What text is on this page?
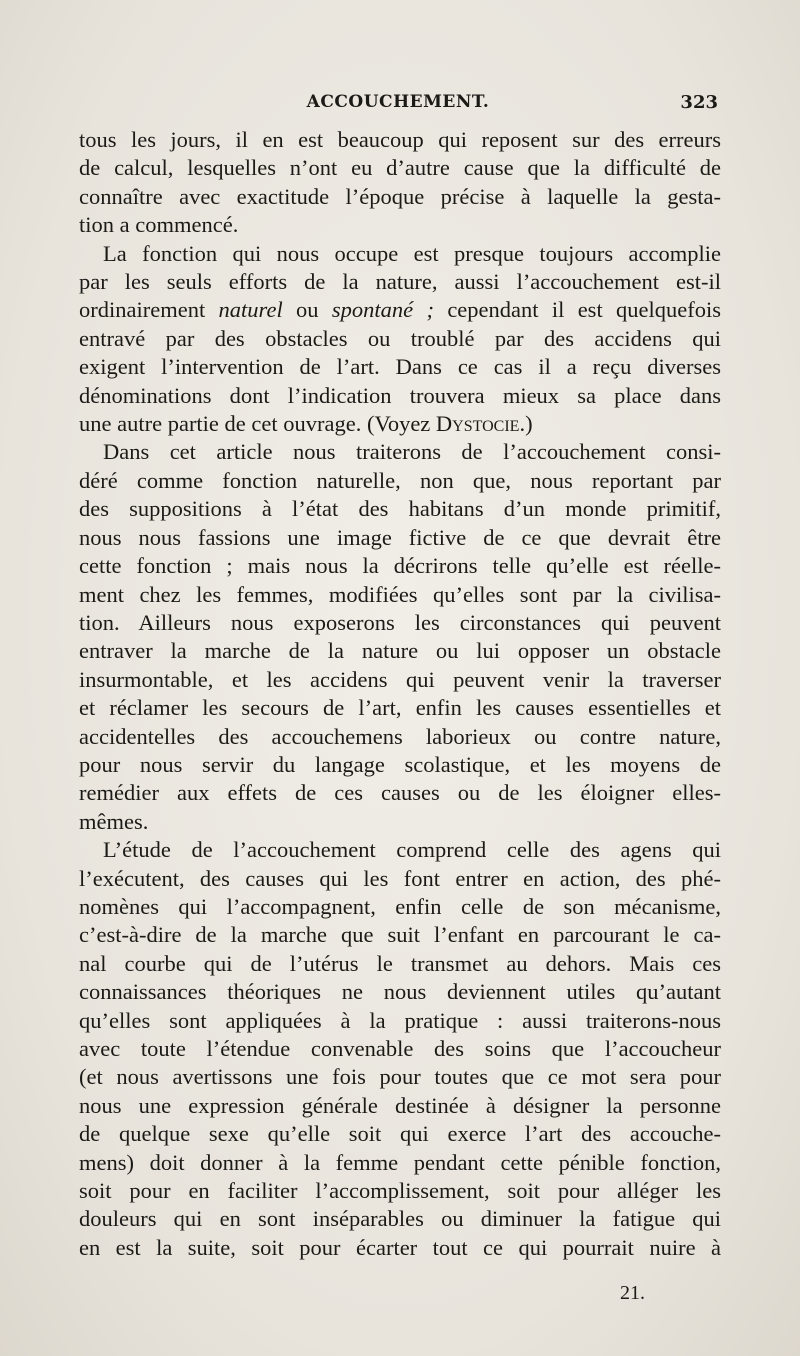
ACCOUCHEMENT.	323

tous les jours, il en est beaucoup qui reposent sur des erreurs
de calcul, lesquelles n’ont eu d’autre cause que la difficulté de
connaître avec exactitude l’époque précise à laquelle la gesta-
tion a commencé.

La fonction qui nous occupe est presque toujours accomplie
par les seuls efforts de la nature, aussi l’accouchement est-il
ordinairement naturel ou spontané ; cependant il est quelquefois
entravé par des obstacles ou troublé par des accidens qui
exigent l’intervention de l’art. Dans ce cas il a reçu diverses
dénominations dont l’indication trouvera mieux sa place dans
une autre partie de cet ouvrage. (Voyez Dystocie.)

Dans cet article nous traiterons de l’accouchement consi-
déré comme fonction naturelle, non que, nous reportant par
des suppositions à l’état des habitans d’un monde primitif,
nous nous fassions une image fictive de ce que devrait être
cette fonction ; mais nous la décrirons telle qu’elle est réelle-
ment chez les femmes, modifiées qu’elles sont par la civilisa-
tion. Ailleurs nous exposerons les circonstances qui peuvent
entraver la marche de la nature ou lui opposer un obstacle
insurmontable, et les accidens qui peuvent venir la traverser
et réclamer les secours de l’art, enfin les causes essentielles et
accidentelles des accouchemens laborieux ou contre nature,
pour nous servir du langage scolastique, et les moyens de
remédier aux effets de ces causes ou de les éloigner elles-
mêmes.

L’étude de l’accouchement comprend celle des agens qui
l’exécutent, des causes qui les font entrer en action, des phé-
nomènes qui l’accompagnent, enfin celle de son mécanisme,
c’est-à-dire de la marche que suit l’enfant en parcourant le ca-
nal courbe qui de l’utérus le transmet au dehors. Mais ces
connaissances théoriques ne nous deviennent utiles qu’autant
qu’elles sont appliquées à la pratique : aussi traiterons-nous
avec toute l’étendue convenable des soins que l’accoucheur
(et nous avertissons une fois pour toutes que ce mot sera pour
nous une expression générale destinée à désigner la personne
de quelque sexe qu’elle soit qui exerce l’art des accouche-
mens) doit donner à la femme pendant cette pénible fonction,
soit pour en faciliter l’accomplissement, soit pour alléger les
douleurs qui en sont inséparables ou diminuer la fatigue qui
en est la suite, soit pour écarter tout ce qui pourrait nuire à

21.
